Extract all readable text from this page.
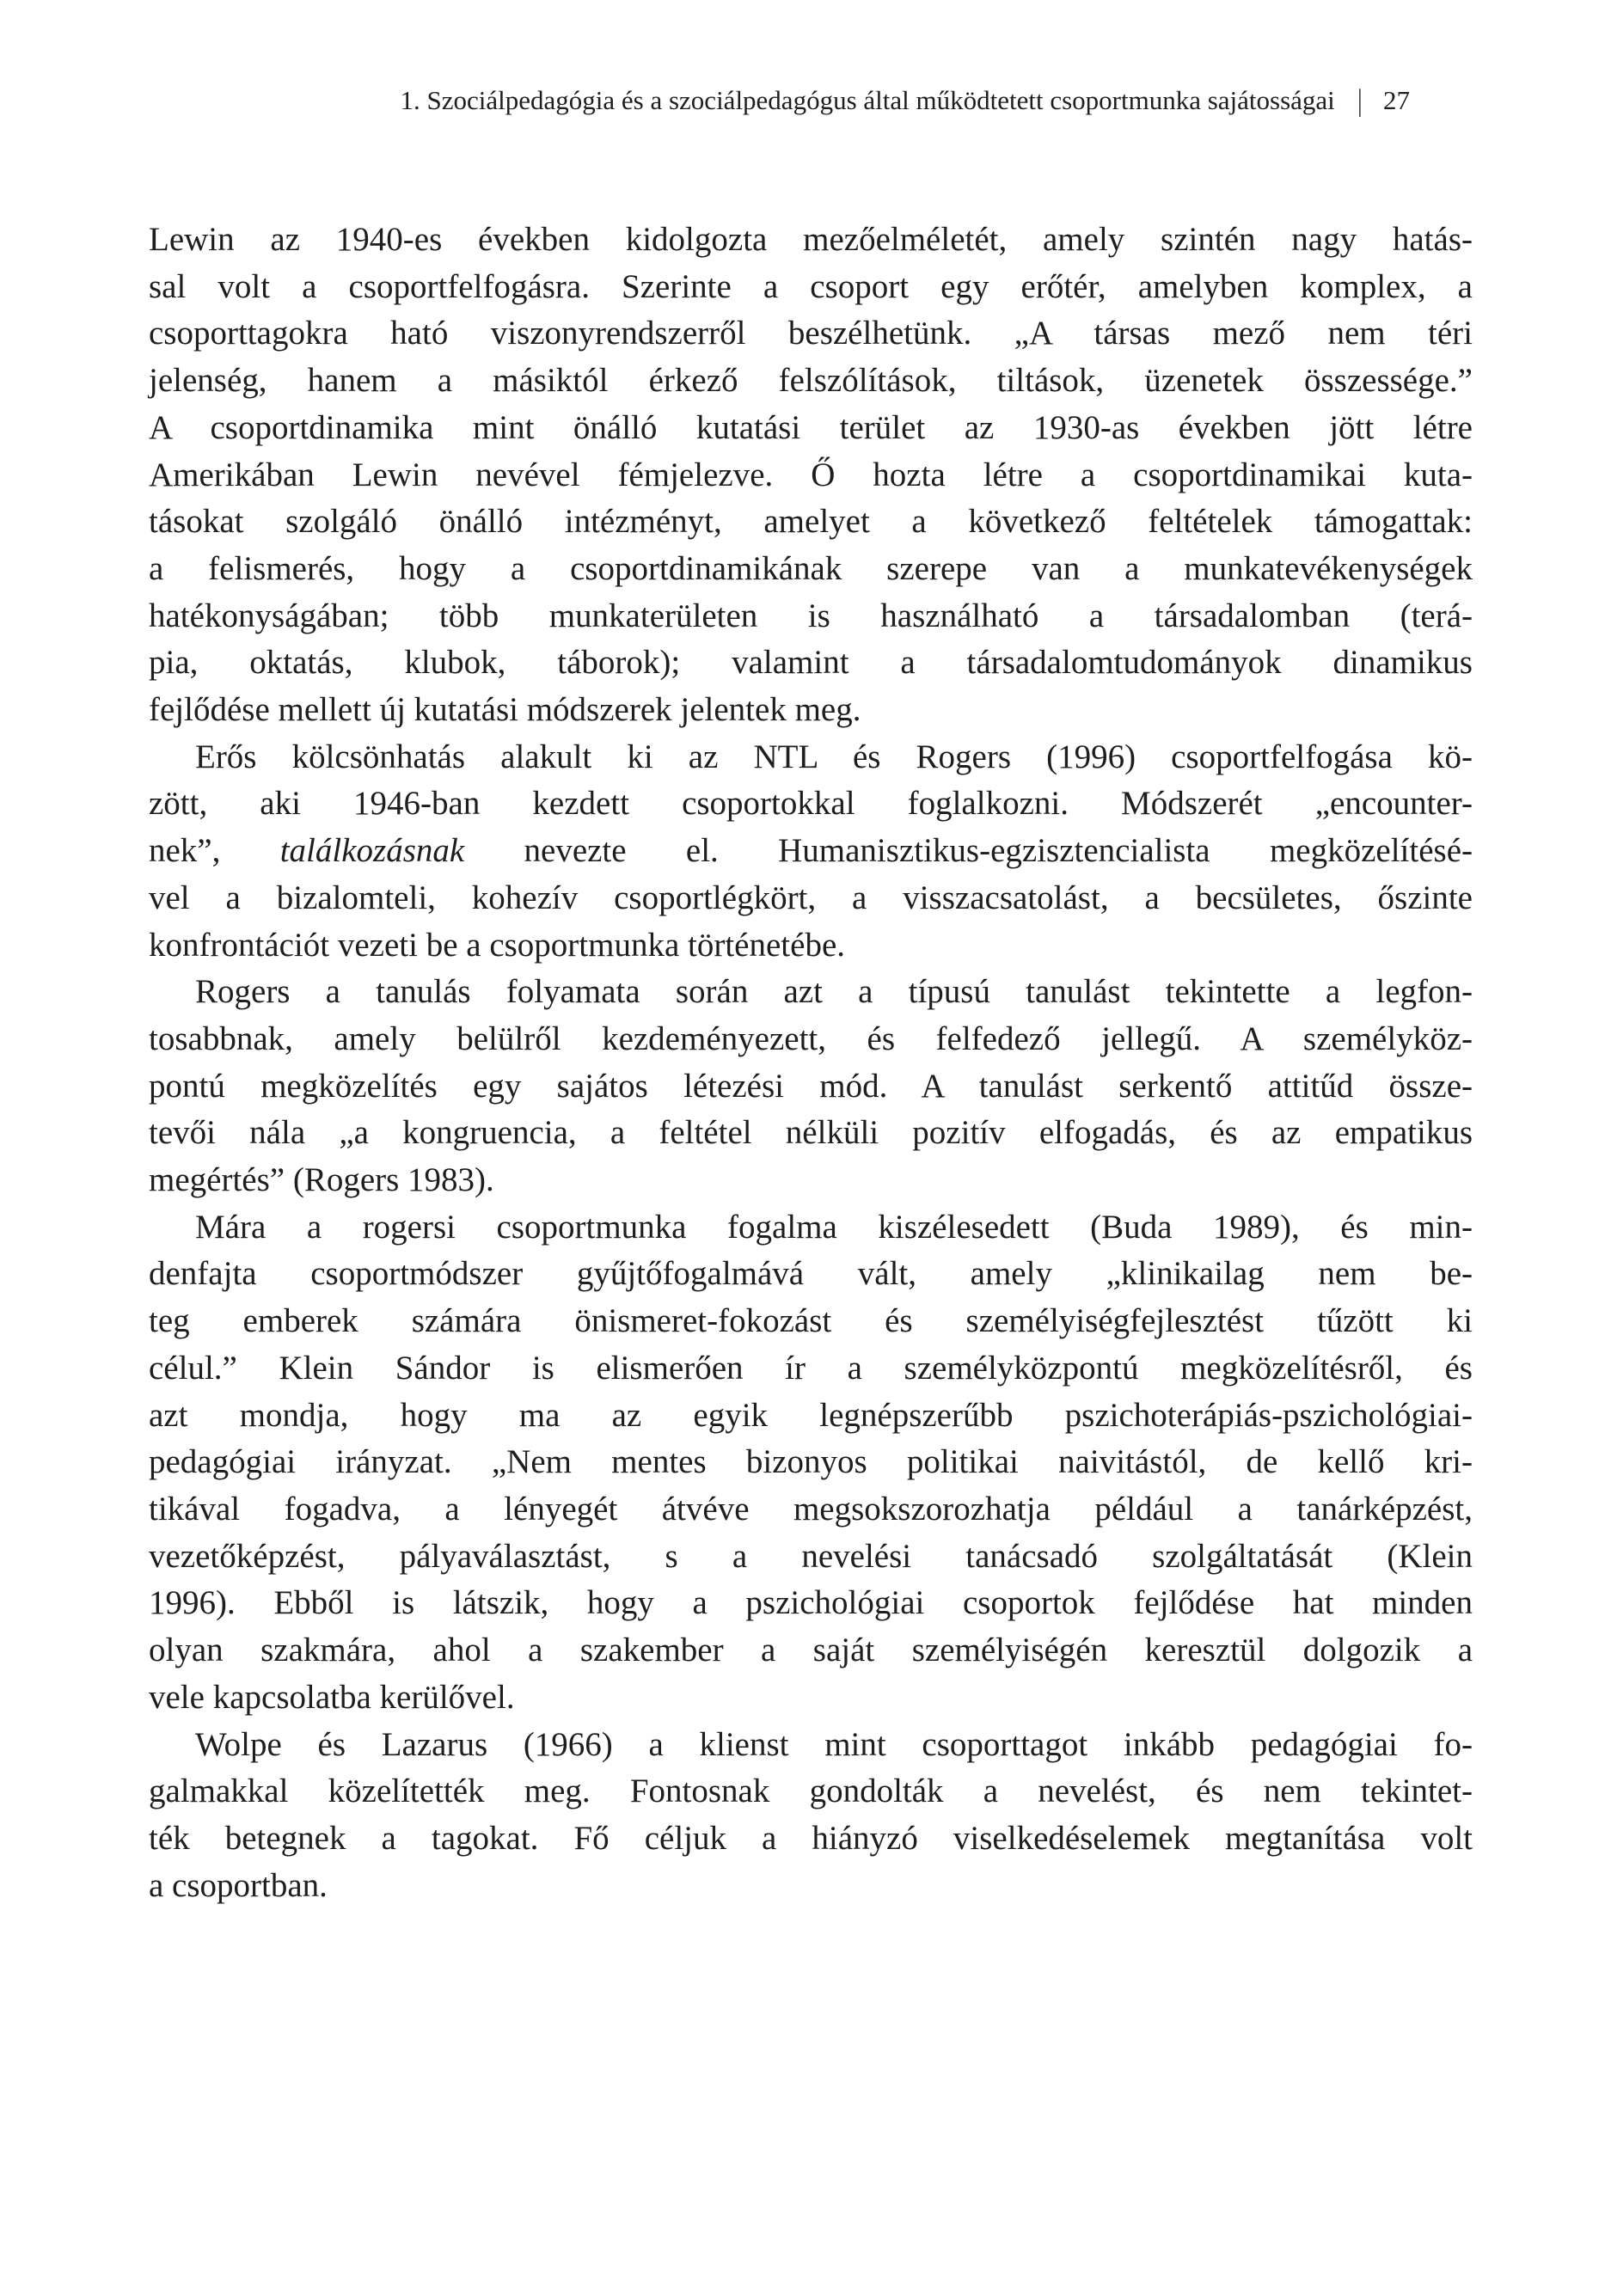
1. Szociálpedagógia és a szociálpedagógus által működtetett csoportmunka sajátosságai | 27
Lewin az 1940-es években kidolgozta mezőelméletét, amely szintén nagy hatás-
sal volt a csoportfelfogásra. Szerinte a csoport egy erőtér, amelyben komplex, a
csoporttagokra ható viszonyrendszerről beszélhetünk. „A társas mező nem téri
jelenség, hanem a másiktól érkező felszólítások, tiltások, üzenetek összessége.”
A csoportdinamika mint önálló kutatási terület az 1930-as években jött létre
Amerikában Lewin nevével fémjelezve. Ő hozta létre a csoportdinamikai kuta-
tásokat szolgáló önálló intézményt, amelyet a következő feltételek támogattak:
a felismerés, hogy a csoportdinamikának szerepe van a munkatevékenységek
hatékonyságában; több munkaterületen is használható a társadalomban (terá-
pia, oktatás, klubok, táborok); valamint a társadalomtudományok dinamikus
fejlődése mellett új kutatási módszerek jelentek meg.
Erős kölcsönhatás alakult ki az NTL és Rogers (1996) csoportfelfogása kö-
zött, aki 1946-ban kezdett csoportokkal foglalkozni. Módszerét „encounter-
nek”, találkozásnak nevezte el. Humanisztikus-egzisztencialista megközelítésé-
vel a bizalomteli, kohezív csoportlégkört, a visszacsatolást, a becsületes, őszinte
konfrontációt vezeti be a csoportmunka történetébe.
Rogers a tanulás folyamata során azt a típusú tanulást tekintette a legfon-
tosabbnak, amely belülről kezdeményezett, és felfedező jellegű. A személyköz-
pontú megközelítés egy sajátos létezési mód. A tanulást serkentő attitűd össze-
tevői nála „a kongruencia, a feltétel nélküli pozitív elfogadás, és az empatikus
megértés” (Rogers 1983).
Mára a rogersi csoportmunka fogalma kiszélesedett (Buda 1989), és min-
denfajta csoportmódszer gyűjtőfogalmává vált, amely „klinikailag nem be-
teg emberek számára önismeret-fokozást és személyiségfejlesztést tűzött ki
célul.” Klein Sándor is elismerően ír a személyközpontú megközelítésről, és
azt mondja, hogy ma az egyik legnépszerűbb pszichoterápiás-pszichológiai-
pedagógiai irányzat. „Nem mentes bizonyos politikai naivitástól, de kellő kri-
tikával fogadva, a lényegét átvéve megsokszorozhatja például a tanárképzést,
vezetőképzést, pályaválasztást, s a nevelési tanácsadó szolgáltatását (Klein
1996). Ebből is látszik, hogy a pszichológiai csoportok fejlődése hat minden
olyan szakmára, ahol a szakember a saját személyiségén keresztül dolgozik a
vele kapcsolatba kerülővel.
Wolpe és Lazarus (1966) a klienst mint csoporttagot inkább pedagógiai fo-
galmakkal közelítették meg. Fontosnak gondolták a nevelést, és nem tekintet-
ték betegnek a tagokat. Fő céljuk a hiányzó viselkedéselemek megtanítása volt
a csoportban.
